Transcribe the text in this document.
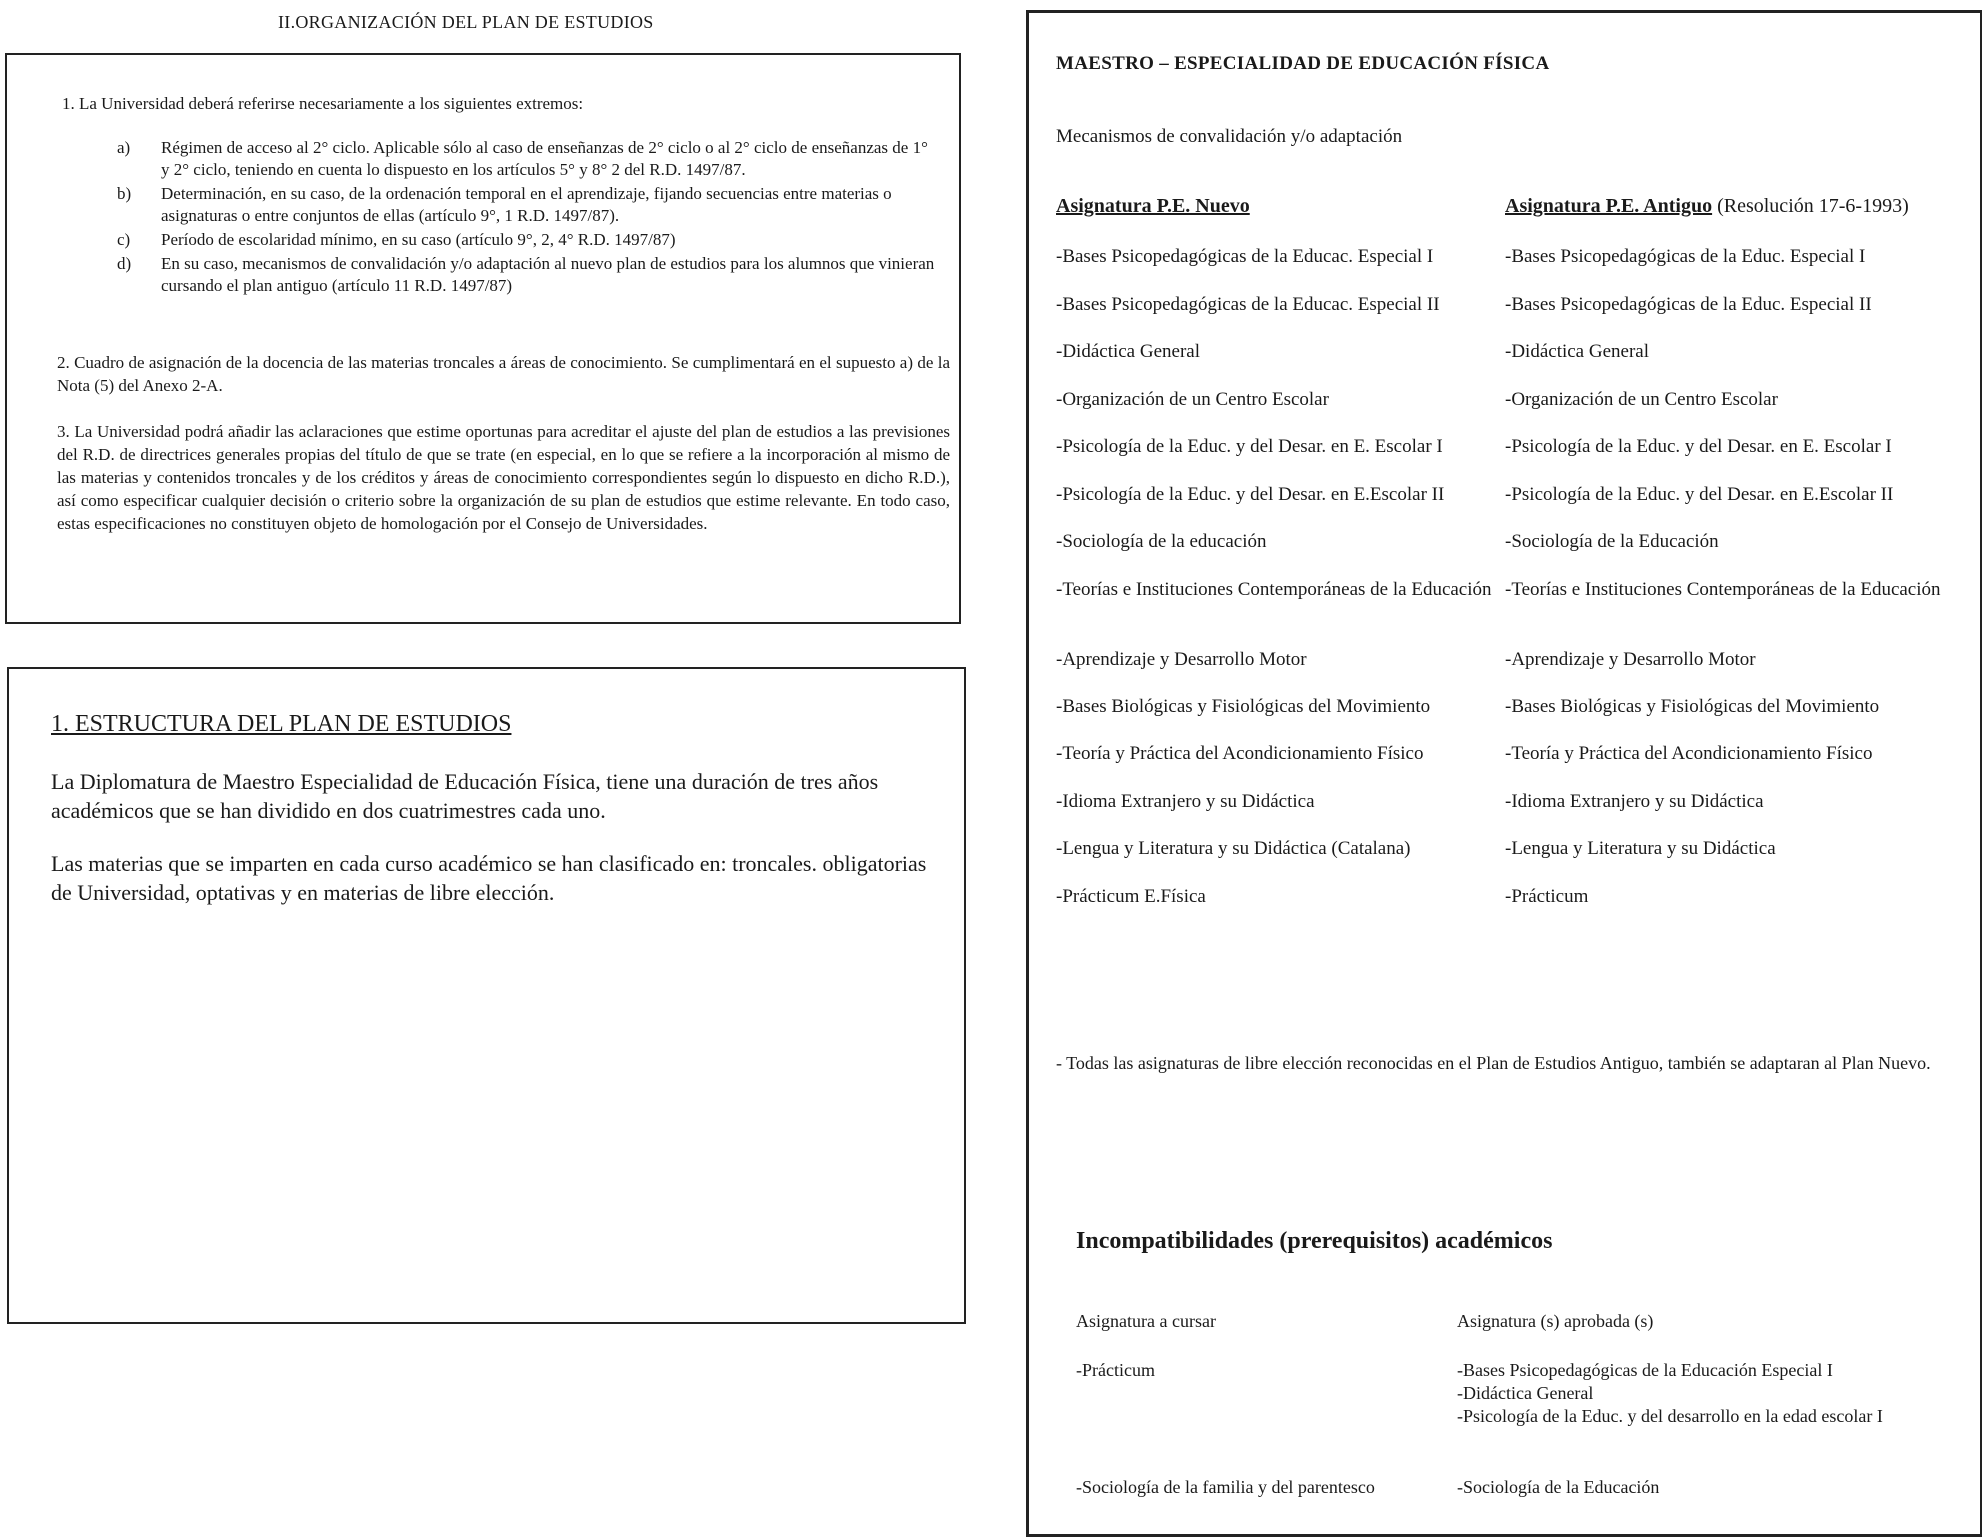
II.ORGANIZACIÓN DEL PLAN DE ESTUDIOS
1. La Universidad deberá referirse necesariamente a los siguientes extremos:
a)	Régimen de acceso al 2° ciclo. Aplicable sólo al caso de enseñanzas de 2° ciclo o al 2° ciclo de enseñanzas de 1° y 2° ciclo, teniendo en cuenta lo dispuesto en los artículos 5° y 8° 2 del R.D. 1497/87.
b)	Determinación, en su caso, de la ordenación temporal en el aprendizaje, fijando secuencias entre materias o asignaturas o entre conjuntos de ellas (artículo 9°, 1 R.D. 1497/87).
c)	Período de escolaridad mínimo, en su caso (artículo 9°, 2, 4° R.D. 1497/87)
d)	En su caso, mecanismos de convalidación y/o adaptación al nuevo plan de estudios para los alumnos que vinieran cursando el plan antiguo (artículo 11 R.D. 1497/87)
2. Cuadro de asignación de la docencia de las materias troncales a áreas de conocimiento. Se cumplimentará en el supuesto a) de la Nota (5) del Anexo 2-A.
3. La Universidad podrá añadir las aclaraciones que estime oportunas para acreditar el ajuste del plan de estudios a las previsiones del R.D. de directrices generales propias del título de que se trate (en especial, en lo que se refiere a la incorporación al mismo de las materias y contenidos troncales y de los créditos y áreas de conocimiento correspondientes según lo dispuesto en dicho R.D.), así como especificar cualquier decisión o criterio sobre la organización de su plan de estudios que estime relevante. En todo caso, estas especificaciones no constituyen objeto de homologación por el Consejo de Universidades.
1. ESTRUCTURA DEL PLAN DE ESTUDIOS
La Diplomatura de Maestro Especialidad de Educación Física, tiene una duración de tres años académicos que se han dividido en dos cuatrimestres cada uno.
Las materias que se imparten en cada curso académico se han clasificado en: troncales. obligatorias de Universidad, optativas y en materias de libre elección.
MAESTRO – ESPECIALIDAD DE EDUCACIÓN FÍSICA
Mecanismos de convalidación y/o adaptación
Asignatura P.E. Nuevo	Asignatura P.E. Antiguo (Resolución 17-6-1993)
-Bases Psicopedagógicas de la Educac. Especial I	-Bases Psicopedagógicas de la Educ. Especial I
-Bases Psicopedagógicas de la Educac. Especial II	-Bases Psicopedagógicas de la Educ. Especial II
-Didáctica General	-Didáctica General
-Organización de un Centro Escolar	-Organización de un Centro Escolar
-Psicología de la Educ. y del Desar. en E. Escolar I	-Psicología de la Educ. y del Desar. en E. Escolar I
-Psicología de la Educ. y del Desar. en E.Escolar II	-Psicología de la Educ. y del Desar. en E.Escolar II
-Sociología de la educación	-Sociología de la Educación
-Teorías e Instituciones Contemporáneas de la Educación -Teorías e Instituciones Contemporáneas de la Educación
-Aprendizaje y Desarrollo Motor	-Aprendizaje y Desarrollo Motor
-Bases Biológicas y Fisiológicas del Movimiento	-Bases Biológicas y Fisiológicas del Movimiento
-Teoría y Práctica del Acondicionamiento Físico	-Teoría y Práctica del Acondicionamiento Físico
-Idioma Extranjero y su Didáctica	-Idioma Extranjero y su Didáctica
-Lengua y Literatura y su Didáctica (Catalana)	-Lengua y Literatura y su Didáctica
-Prácticum E.Física	-Prácticum
- Todas las asignaturas de libre elección reconocidas en el Plan de Estudios Antiguo, también se adaptaran al Plan Nuevo.
Incompatibilidades (prerequisitos) académicos
Asignatura a cursar	Asignatura (s) aprobada (s)
-Prácticum	-Bases Psicopedagógicas de la Educación Especial I
-Didáctica General
-Psicología de la Educ. y del desarrollo en la edad escolar I
-Sociología de la familia y del parentesco	-Sociología de la Educación
